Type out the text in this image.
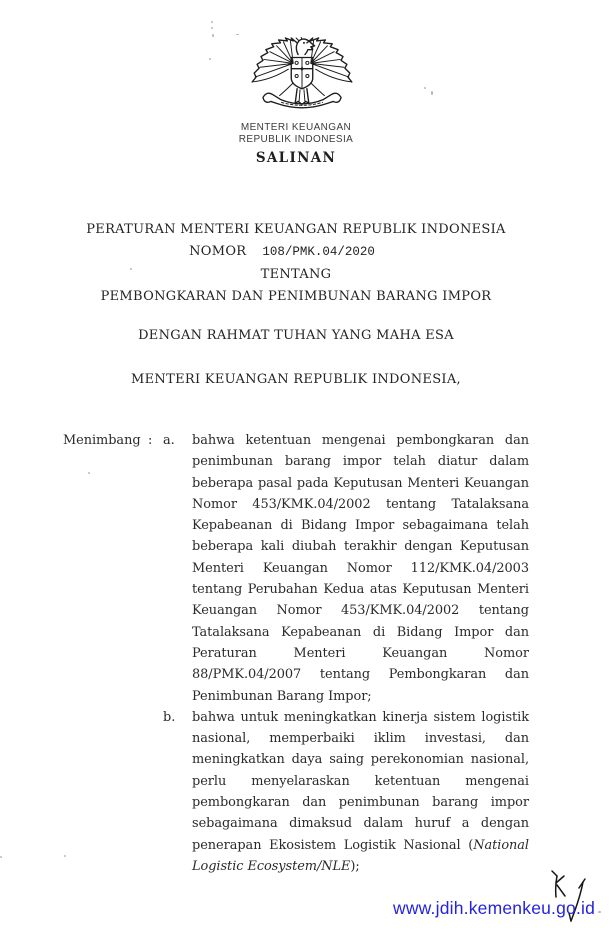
MENTERI KEUANGAN
REPUBLIK INDONESIA
SALINAN
PERATURAN MENTERI KEUANGAN REPUBLIK INDONESIA
NOMOR 108/PMK.04/2020
TENTANG
PEMBONGKARAN DAN PENIMBUNAN BARANG IMPOR
DENGAN RAHMAT TUHAN YANG MAHA ESA
MENTERI KEUANGAN REPUBLIK INDONESIA,
Menimbang : a.	bahwa ketentuan mengenai pembongkaran dan penimbunan barang impor telah diatur dalam beberapa pasal pada Keputusan Menteri Keuangan Nomor 453/KMK.04/2002 tentang Tatalaksana Kepabeanan di Bidang Impor sebagaimana telah beberapa kali diubah terakhir dengan Keputusan Menteri Keuangan Nomor 112/KMK.04/2003 tentang Perubahan Kedua atas Keputusan Menteri Keuangan Nomor 453/KMK.04/2002 tentang Tatalaksana Kepabeanan di Bidang Impor dan Peraturan Menteri Keuangan Nomor 88/PMK.04/2007 tentang Pembongkaran dan Penimbunan Barang Impor;
b.	bahwa untuk meningkatkan kinerja sistem logistik nasional, memperbaiki iklim investasi, dan meningkatkan daya saing perekonomian nasional, perlu menyelaraskan ketentuan mengenai pembongkaran dan penimbunan barang impor sebagaimana dimaksud dalam huruf a dengan penerapan Ekosistem Logistik Nasional (National Logistic Ecosystem/NLE);
www.jdih.kemenkeu.go.id
